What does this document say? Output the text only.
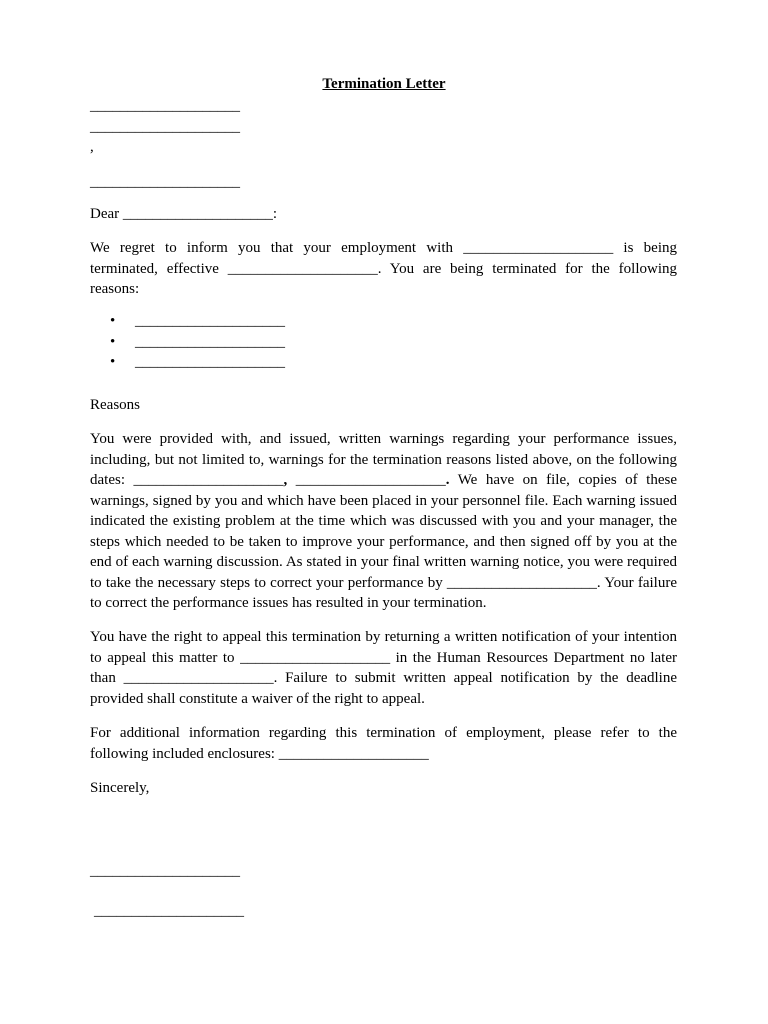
Termination Letter
____________________
____________________
,
____________________
Dear ____________________:
We regret to inform you that your employment with ____________________ is being terminated, effective ____________________. You are being terminated for the following reasons:
• ____________________
• ____________________
• ____________________
Reasons
You were provided with, and issued, written warnings regarding your performance issues, including, but not limited to, warnings for the termination reasons listed above, on the following dates: ____________________, ____________________. We have on file, copies of these warnings, signed by you and which have been placed in your personnel file. Each warning issued indicated the existing problem at the time which was discussed with you and your manager, the steps which needed to be taken to improve your performance, and then signed off by you at the end of each warning discussion. As stated in your final written warning notice, you were required to take the necessary steps to correct your performance by ____________________. Your failure to correct the performance issues has resulted in your termination.
You have the right to appeal this termination by returning a written notification of your intention to appeal this matter to ____________________ in the Human Resources Department no later than ____________________. Failure to submit written appeal notification by the deadline provided shall constitute a waiver of the right to appeal.
For additional information regarding this termination of employment, please refer to the following included enclosures: ____________________
Sincerely,
____________________
____________________
